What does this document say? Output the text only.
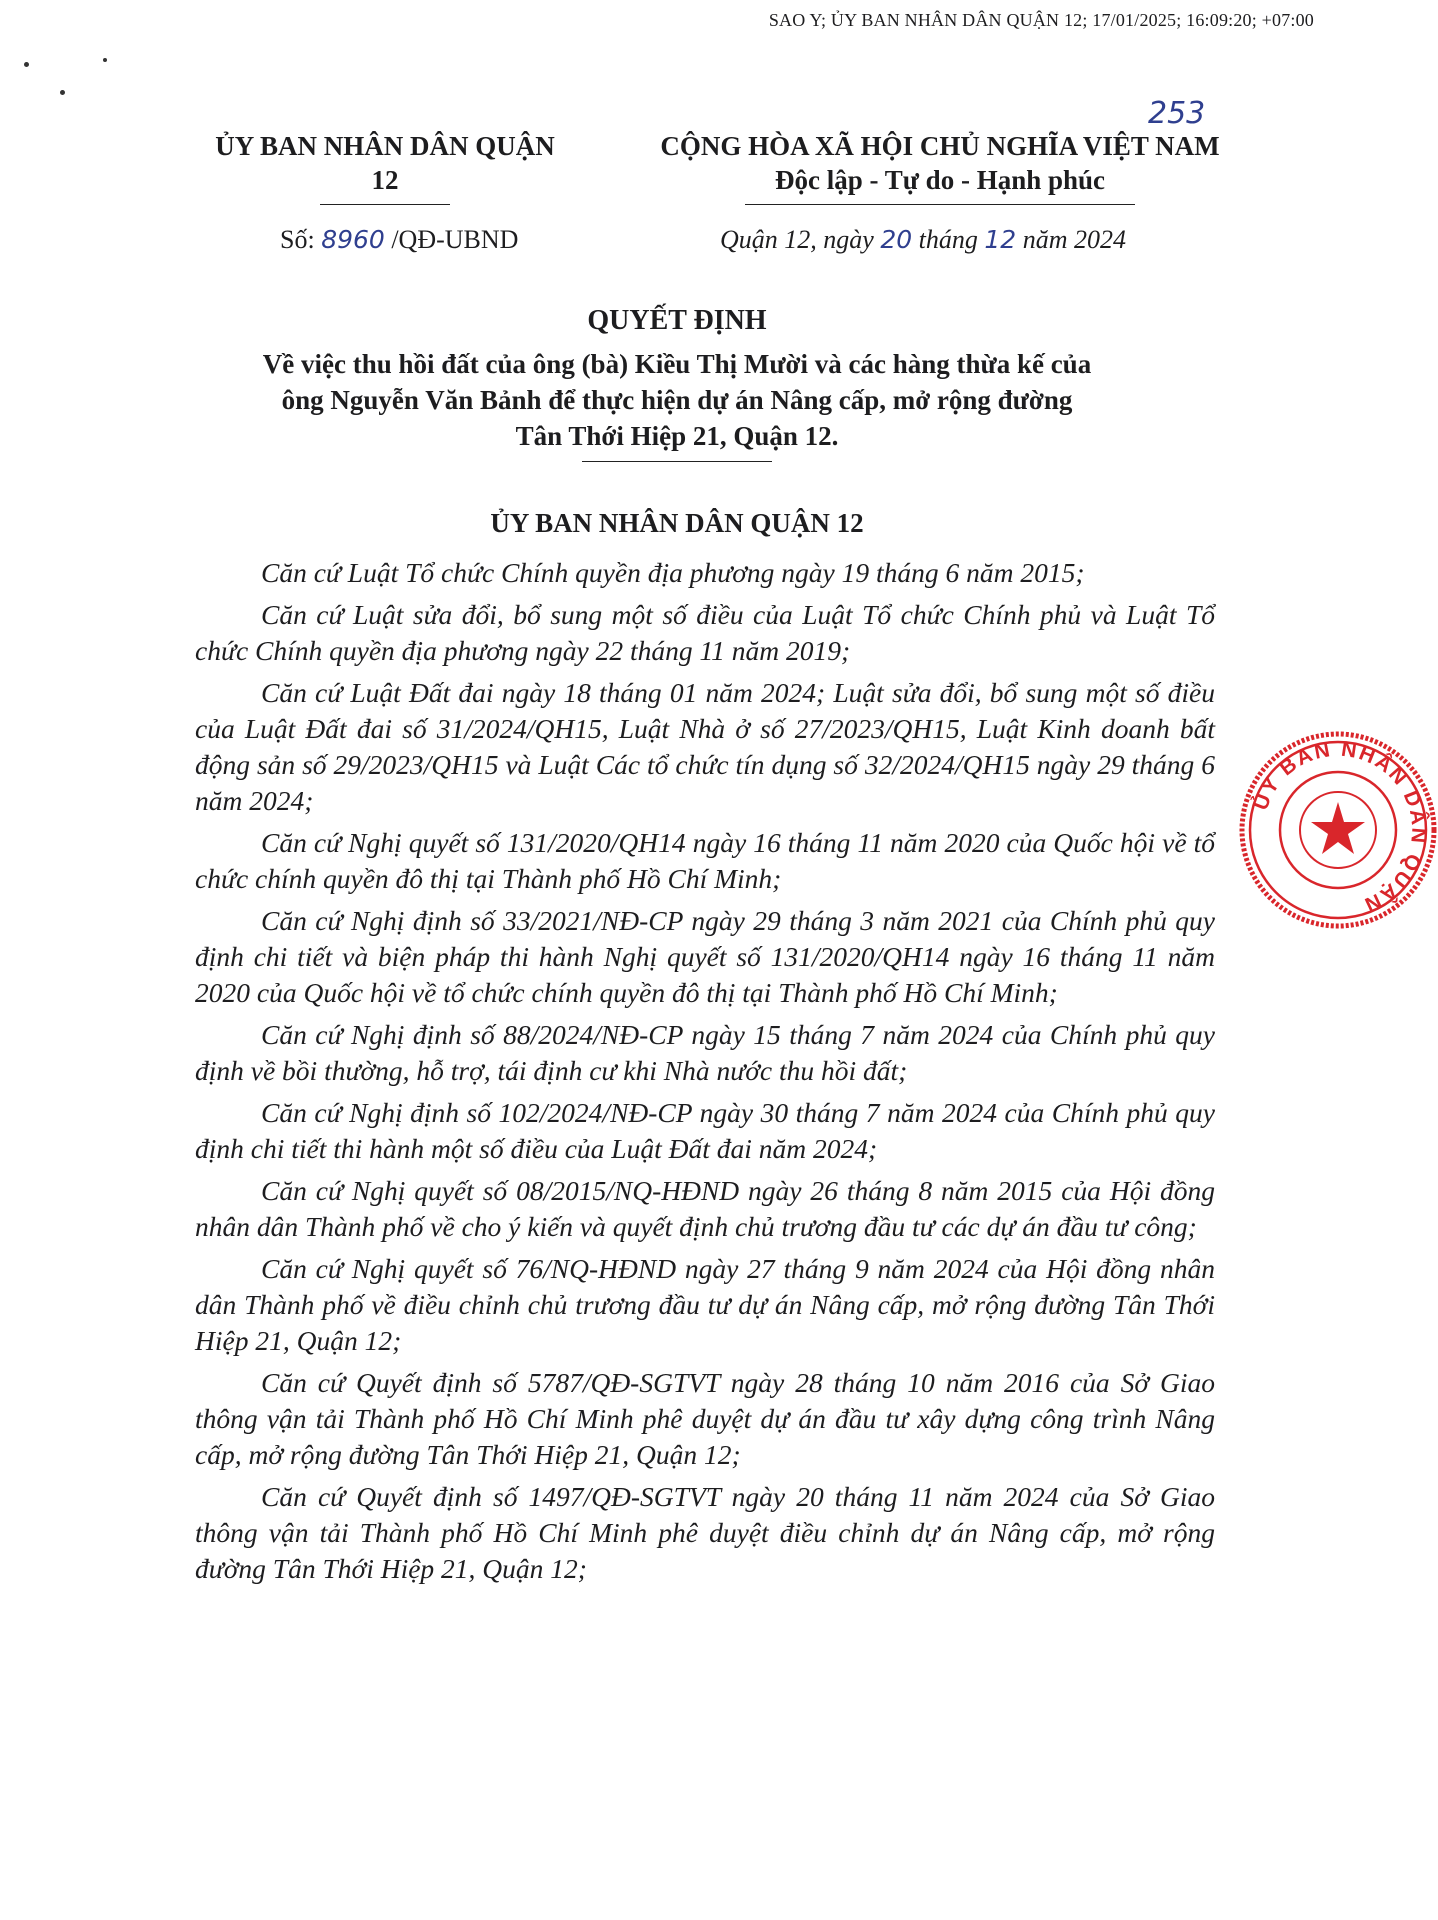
SAO Y; ỦY BAN NHÂN DÂN QUẬN 12; 17/01/2025; 16:09:20; +07:00
253
ỦY BAN NHÂN DÂN QUẬN 12
CỘNG HÒA XÃ HỘI CHỦ NGHĨA VIỆT NAM
Độc lập - Tự do - Hạnh phúc
Số: 8960 /QĐ-UBND	Quận 12, ngày 20 tháng 12 năm 2024
QUYẾT ĐỊNH
Về việc thu hồi đất của ông (bà) Kiều Thị Mười và các hàng thừa kế của
ông Nguyễn Văn Bảnh để thực hiện dự án Nâng cấp, mở rộng đường
Tân Thới Hiệp 21, Quận 12.
ỦY BAN NHÂN DÂN QUẬN 12

Căn cứ Luật Tổ chức Chính quyền địa phương ngày 19 tháng 6 năm 2015;

Căn cứ Luật sửa đổi, bổ sung một số điều của Luật Tổ chức Chính phủ và Luật Tổ chức Chính quyền địa phương ngày 22 tháng 11 năm 2019;

Căn cứ Luật Đất đai ngày 18 tháng 01 năm 2024; Luật sửa đổi, bổ sung một số điều của Luật Đất đai số 31/2024/QH15, Luật Nhà ở số 27/2023/QH15, Luật Kinh doanh bất động sản số 29/2023/QH15 và Luật Các tổ chức tín dụng số 32/2024/QH15 ngày 29 tháng 6 năm 2024;

Căn cứ Nghị quyết số 131/2020/QH14 ngày 16 tháng 11 năm 2020 của Quốc hội về tổ chức chính quyền đô thị tại Thành phố Hồ Chí Minh;

Căn cứ Nghị định số 33/2021/NĐ-CP ngày 29 tháng 3 năm 2021 của Chính phủ quy định chi tiết và biện pháp thi hành Nghị quyết số 131/2020/QH14 ngày 16 tháng 11 năm 2020 của Quốc hội về tổ chức chính quyền đô thị tại Thành phố Hồ Chí Minh;

Căn cứ Nghị định số 88/2024/NĐ-CP ngày 15 tháng 7 năm 2024 của Chính phủ quy định về bồi thường, hỗ trợ, tái định cư khi Nhà nước thu hồi đất;

Căn cứ Nghị định số 102/2024/NĐ-CP ngày 30 tháng 7 năm 2024 của Chính phủ quy định chi tiết thi hành một số điều của Luật Đất đai năm 2024;

Căn cứ Nghị quyết số 08/2015/NQ-HĐND ngày 26 tháng 8 năm 2015 của Hội đồng nhân dân Thành phố về cho ý kiến và quyết định chủ trương đầu tư các dự án đầu tư công;

Căn cứ Nghị quyết số 76/NQ-HĐND ngày 27 tháng 9 năm 2024 của Hội đồng nhân dân Thành phố về điều chỉnh chủ trương đầu tư dự án Nâng cấp, mở rộng đường Tân Thới Hiệp 21, Quận 12;

Căn cứ Quyết định số 5787/QĐ-SGTVT ngày 28 tháng 10 năm 2016 của Sở Giao thông vận tải Thành phố Hồ Chí Minh phê duyệt dự án đầu tư xây dựng công trình Nâng cấp, mở rộng đường Tân Thới Hiệp 21, Quận 12;

Căn cứ Quyết định số 1497/QĐ-SGTVT ngày 20 tháng 11 năm 2024 của Sở Giao thông vận tải Thành phố Hồ Chí Minh phê duyệt điều chỉnh dự án Nâng cấp, mở rộng đường Tân Thới Hiệp 21, Quận 12;

ỦY BAN NHÂN DÂN QUẬN
